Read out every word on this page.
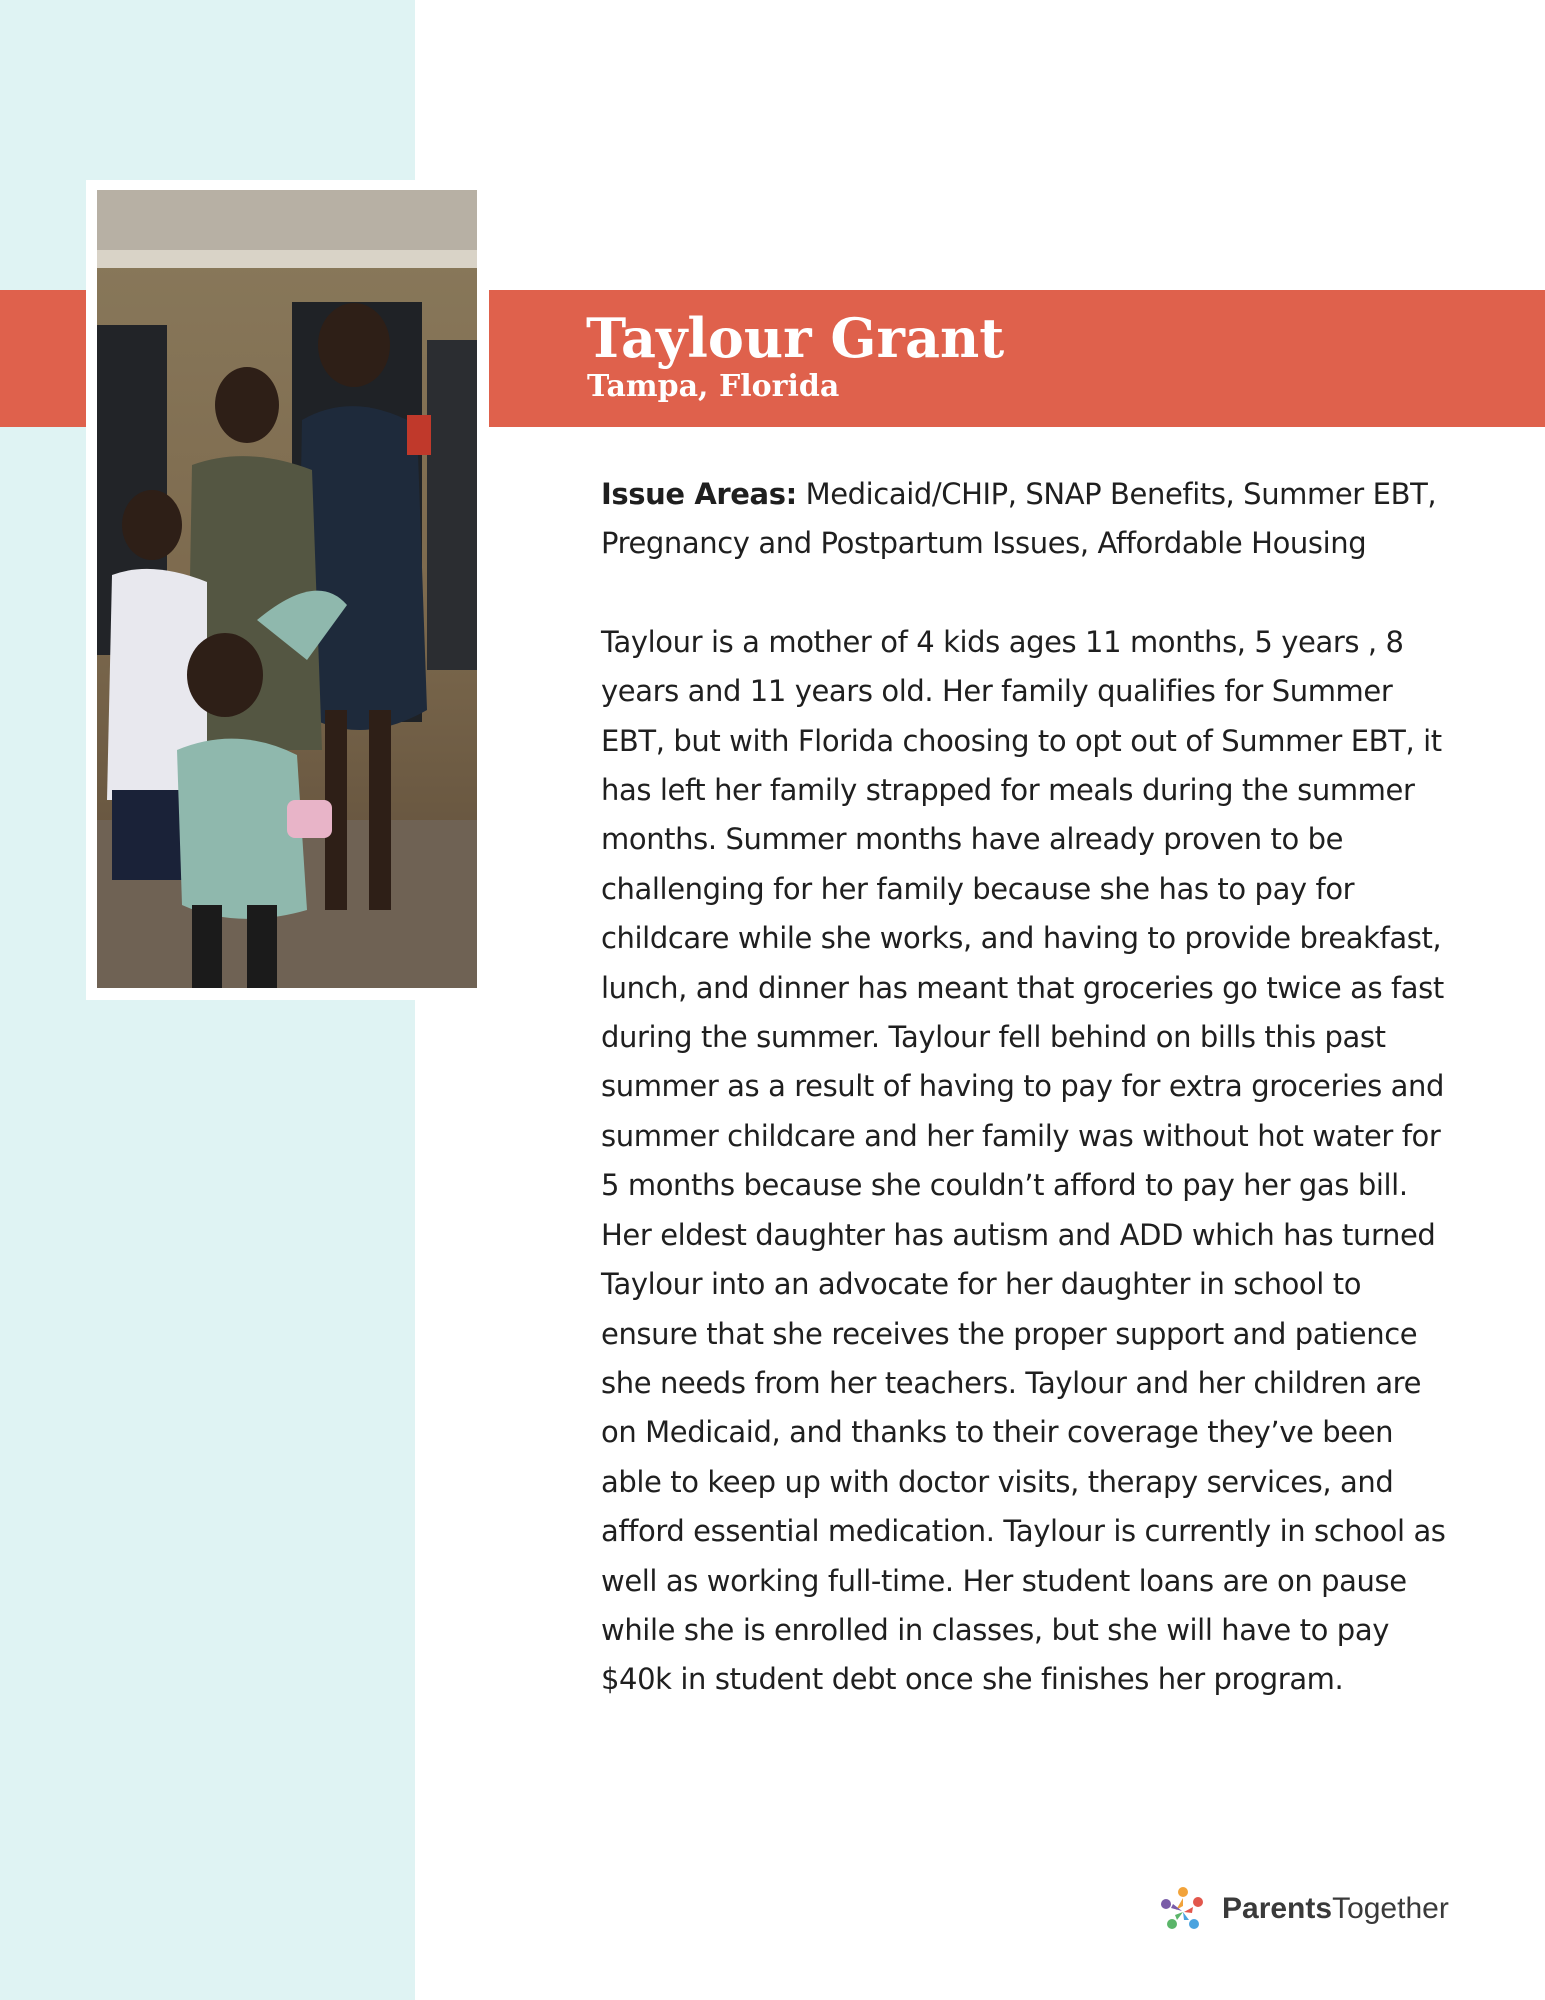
Taylour Grant
Tampa, Florida

Issue Areas: Medicaid/CHIP, SNAP Benefits, Summer EBT, Pregnancy and Postpartum Issues, Affordable Housing

Taylour is a mother of 4 kids ages 11 months, 5 years , 8 years and 11 years old. Her family qualifies for Summer EBT, but with Florida choosing to opt out of Summer EBT, it has left her family strapped for meals during the summer months. Summer months have already proven to be challenging for her family because she has to pay for childcare while she works, and having to provide breakfast, lunch, and dinner has meant that groceries go twice as fast during the summer. Taylour fell behind on bills this past summer as a result of having to pay for extra groceries and summer childcare and her family was without hot water for 5 months because she couldn’t afford to pay her gas bill. Her eldest daughter has autism and ADD which has turned Taylour into an advocate for her daughter in school to ensure that she receives the proper support and patience she needs from her teachers. Taylour and her children are on Medicaid, and thanks to their coverage they’ve been able to keep up with doctor visits, therapy services, and afford essential medication. Taylour is currently in school as well as working full-time. Her student loans are on pause while she is enrolled in classes, but she will have to pay $40k in student debt once she finishes her program.

ParentsTogether
